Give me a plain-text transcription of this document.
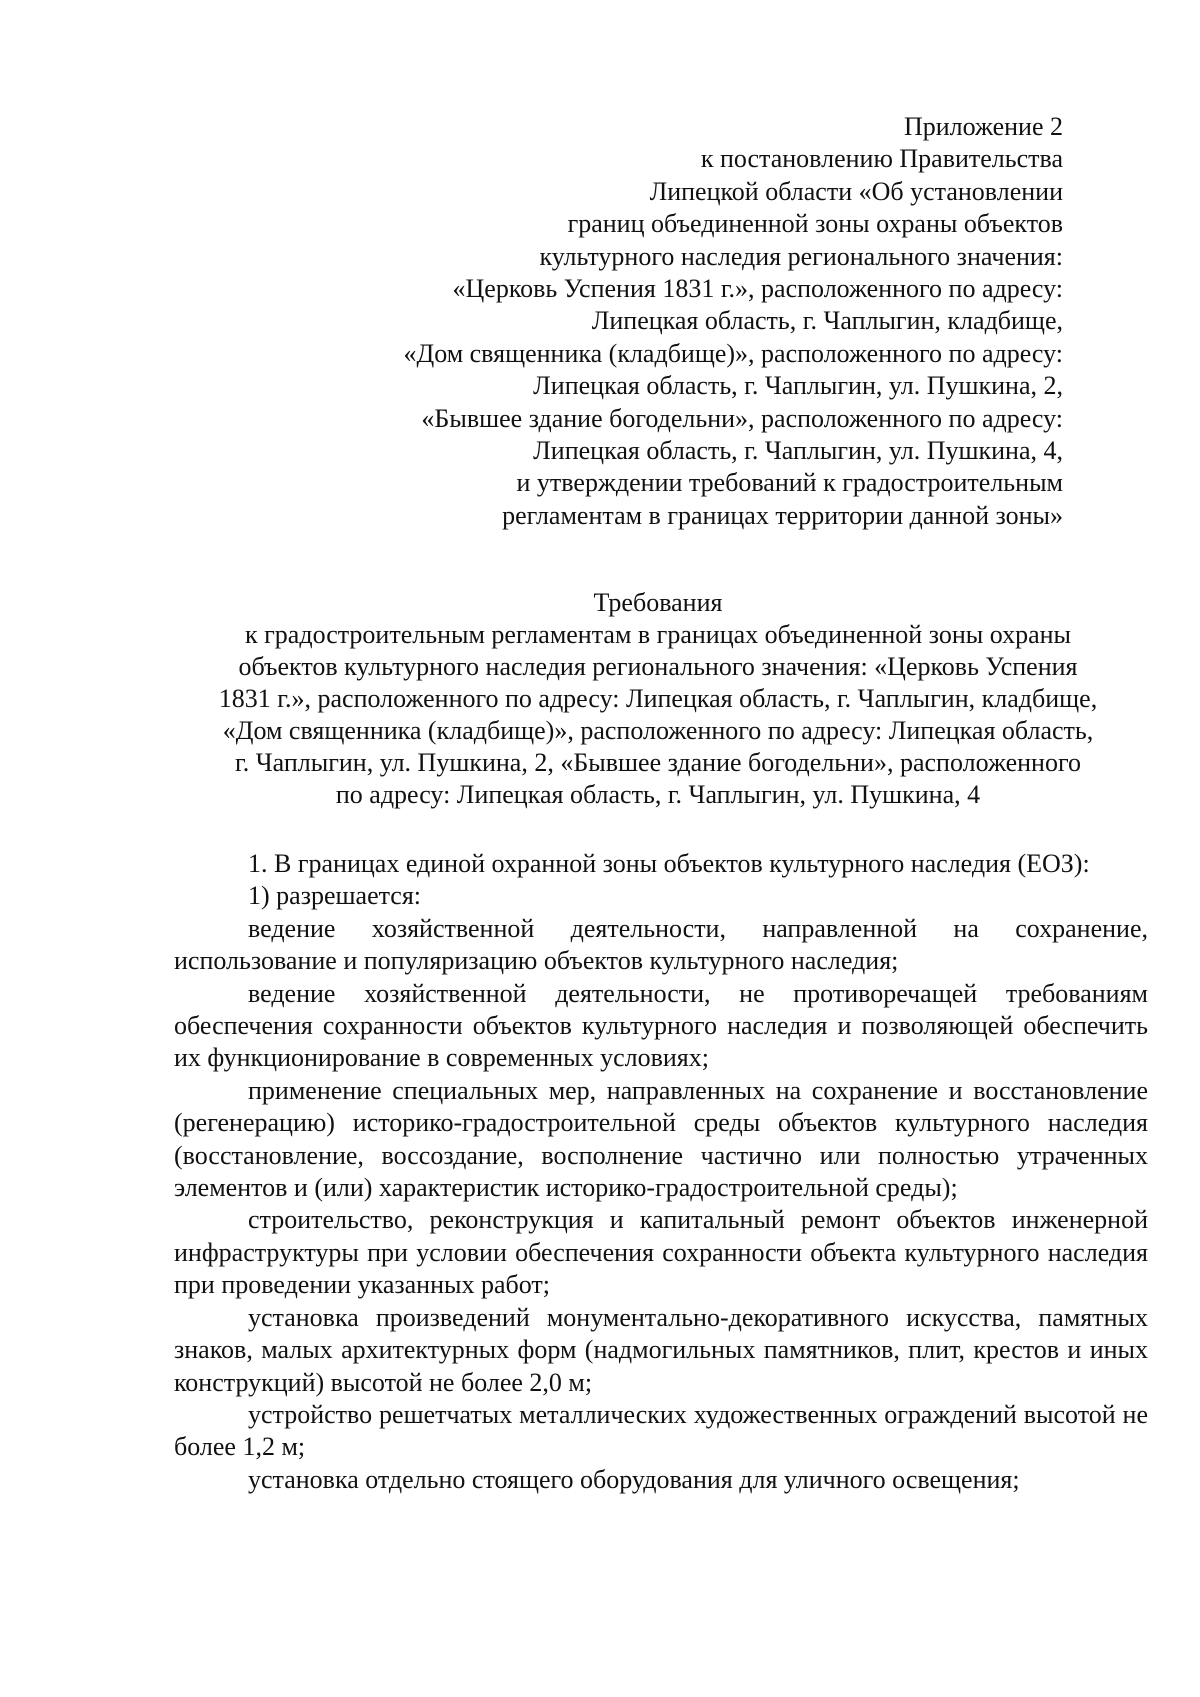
Приложение 2
к постановлению Правительства
Липецкой области «Об установлении
границ объединенной зоны охраны объектов
культурного наследия регионального значения:
«Церковь Успения 1831 г.», расположенного по адресу:
Липецкая область, г. Чаплыгин, кладбище,
«Дом священника (кладбище)», расположенного по адресу:
Липецкая область, г. Чаплыгин, ул. Пушкина, 2,
«Бывшее здание богодельни», расположенного по адресу:
Липецкая область, г. Чаплыгин, ул. Пушкина, 4,
и утверждении требований к градостроительным
регламентам в границах территории данной зоны»
Требования
к градостроительным регламентам в границах объединенной зоны охраны
объектов культурного наследия регионального значения: «Церковь Успения
1831 г.», расположенного по адресу: Липецкая область, г. Чаплыгин, кладбище,
«Дом священника (кладбище)», расположенного по адресу: Липецкая область,
г. Чаплыгин, ул. Пушкина, 2, «Бывшее здание богодельни», расположенного
по адресу: Липецкая область, г. Чаплыгин, ул. Пушкина, 4

1. В границах единой охранной зоны объектов культурного наследия (ЕОЗ):

1) разрешается:

ведение хозяйственной деятельности, направленной на сохранение, использование и популяризацию объектов культурного наследия;

ведение хозяйственной деятельности, не противоречащей требованиям обеспечения сохранности объектов культурного наследия и позволяющей обеспечить их функционирование в современных условиях;

применение специальных мер, направленных на сохранение и восстановление (регенерацию) историко-градостроительной среды объектов культурного наследия (восстановление, воссоздание, восполнение частично или полностью утраченных элементов и (или) характеристик историко-градостроительной среды);

строительство, реконструкция и капитальный ремонт объектов инженерной инфраструктуры при условии обеспечения сохранности объекта культурного наследия при проведении указанных работ;

установка произведений монументально-декоративного искусства, памятных знаков, малых архитектурных форм (надмогильных памятников, плит, крестов и иных конструкций) высотой не более 2,0 м;

устройство решетчатых металлических художественных ограждений высотой не более 1,2 м;

установка отдельно стоящего оборудования для уличного освещения;
